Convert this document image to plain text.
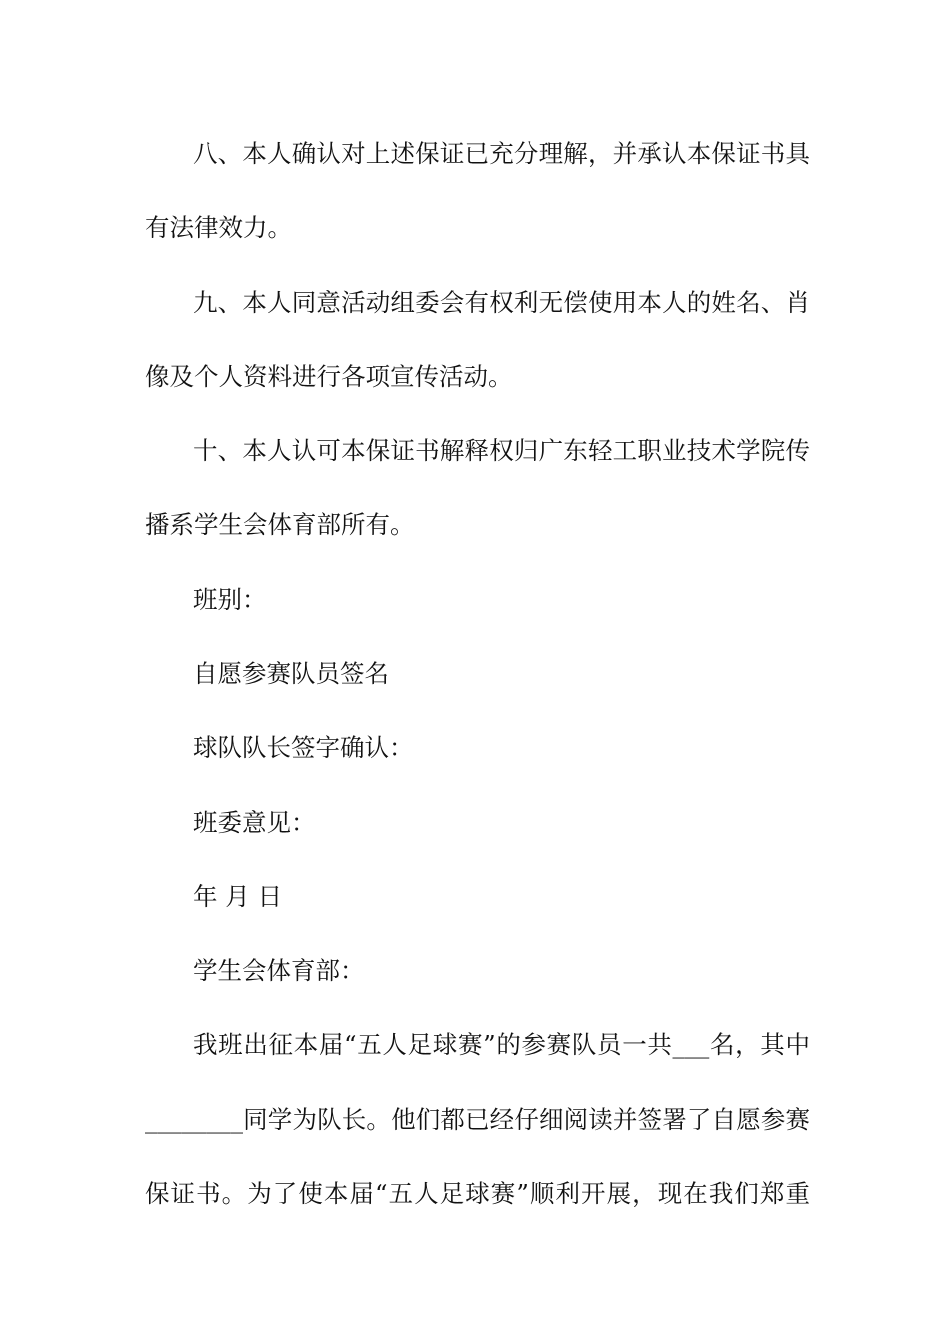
八、本人确认对上述保证已充分理解，并承认本保证书具
有法律效力。
九、本人同意活动组委会有权利无偿使用本人的姓名、肖
像及个人资料进行各项宣传活动。
十、本人认可本保证书解释权归广东轻工职业技术学院传
播系学生会体育部所有。
班别：
自愿参赛队员签名
球队队长签字确认：
班委意见：
年 月 日
学生会体育部：
我班出征本届“五人足球赛”的参赛队员一共___名，其中
________同学为队长。他们都已经仔细阅读并签署了自愿参赛
保证书。为了使本届“五人足球赛”顺利开展，现在我们郑重
